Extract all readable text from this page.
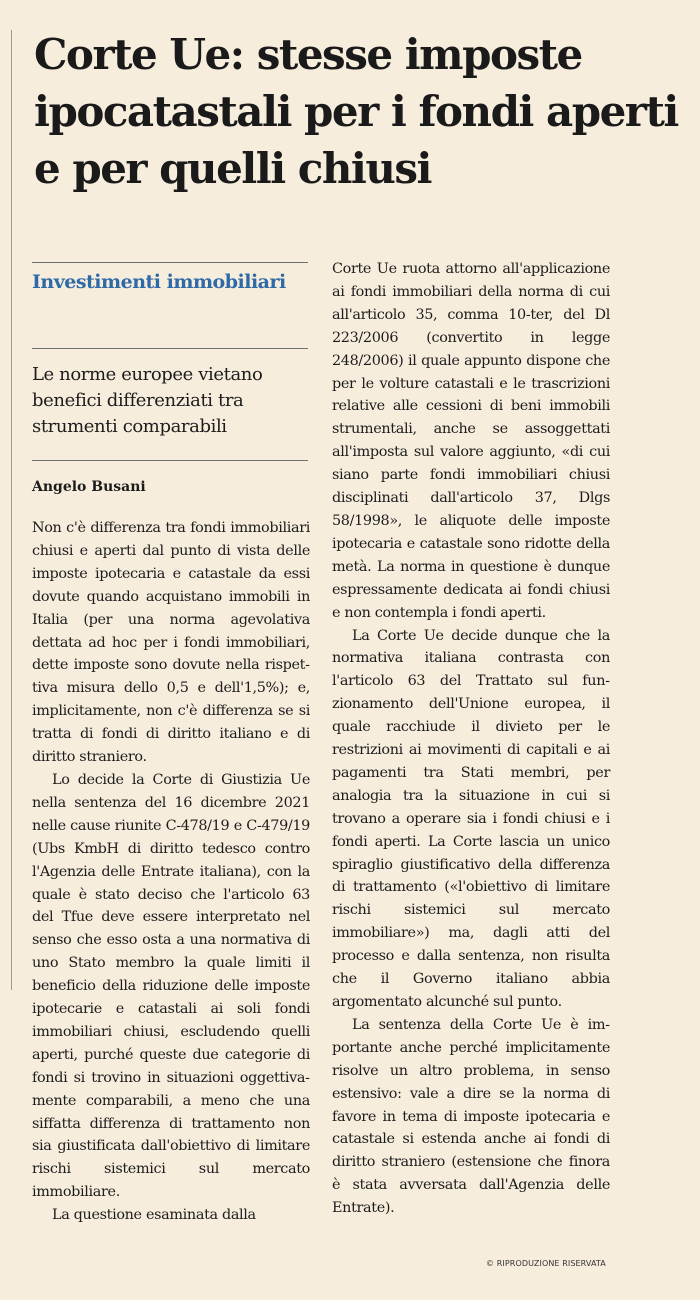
Corte Ue: stesse imposte ipocatastali per i fondi aperti e per quelli chiusi
Investimenti immobiliari

Le norme europee vietano benefici differenziati tra strumenti comparabili

Angelo Busani

Non c'è differenza tra fondi immobiliari chiusi e aperti dal punto di vista delle imposte ipotecaria e catastale da essi dovute quando acquistano immobili in Italia (per una norma agevolativa dettata ad hoc per i fondi immobiliari, dette imposte sono dovute nella rispettiva misura dello 0,5 e dell'1,5%); e, implicitamente, non c'è differenza se si tratta di fondi di diritto italiano e di diritto straniero.

Lo decide la Corte di Giustizia Ue nella sentenza del 16 dicembre 2021 nelle cause riunite C-478/19 e C-479/19 (Ubs KmbH di diritto tedesco contro l'Agenzia delle Entrate italiana), con la quale è stato deciso che l'articolo 63 del Tfue deve essere interpretato nel senso che esso osta a una normativa di uno Stato membro la quale limiti il beneficio della riduzione delle imposte ipotecarie e catastali ai soli fondi immobiliari chiusi, escludendo quelli aperti, purché queste due categorie di fondi si trovino in situazioni oggettivamente comparabili, a meno che una siffatta differenza di trattamento non sia giustificata dall'obiettivo di limitare rischi sistemici sul mercato immobiliare.

La questione esaminata dalla

Corte Ue ruota attorno all'applicazione ai fondi immobiliari della norma di cui all'articolo 35, comma 10-ter, del Dl 223/2006 (convertito in legge 248/2006) il quale appunto dispone che per le volture catastali e le trascrizioni relative alle cessioni di beni immobili strumentali, anche se assoggettati all'imposta sul valore aggiunto, «di cui siano parte fondi immobiliari chiusi disciplinati dall'articolo 37, Dlgs 58/1998», le aliquote delle imposte ipotecaria e catastale sono ridotte della metà. La norma in questione è dunque espressamente dedicata ai fondi chiusi e non contempla i fondi aperti.

La Corte Ue decide dunque che la normativa italiana contrasta con l'articolo 63 del Trattato sul funzionamento dell'Unione europea, il quale racchiude il divieto per le restrizioni ai movimenti di capitali e ai pagamenti tra Stati membri, per analogia tra la situazione in cui si trovano a operare sia i fondi chiusi e i fondi aperti. La Corte lascia un unico spiraglio giustificativo della differenza di trattamento («l'obiettivo di limitare rischi sistemici sul mercato immobiliare») ma, dagli atti del processo e dalla sentenza, non risulta che il Governo italiano abbia argomentato alcunché sul punto.

La sentenza della Corte Ue è importante anche perché implicitamente risolve un altro problema, in senso estensivo: vale a dire se la norma di favore in tema di imposte ipotecaria e catastale si estenda anche ai fondi di diritto straniero (estensione che finora è stata avversata dall'Agenzia delle Entrate).

© RIPRODUZIONE RISERVATA
